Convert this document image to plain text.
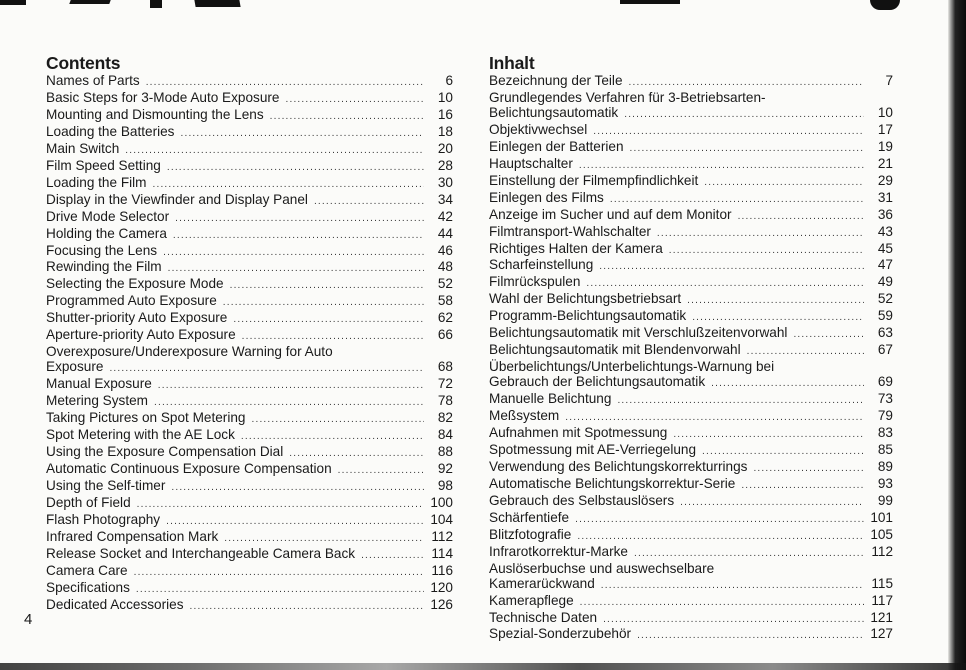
Contents
Names of Parts .....	6
Basic Steps for 3-Mode Auto Exposure .....	10
Mounting and Dismounting the Lens .....	16
Loading the Batteries .....	18
Main Switch .....	20
Film Speed Setting .....	28
Loading the Film .....	30
Display in the Viewfinder and Display Panel .....	34
Drive Mode Selector .....	42
Holding the Camera .....	44
Focusing the Lens .....	46
Rewinding the Film .....	48
Selecting the Exposure Mode .....	52
Programmed Auto Exposure .....	58
Shutter-priority Auto Exposure .....	62
Aperture-priority Auto Exposure .....	66
Overexposure/Underexposure Warning for Auto
Exposure .....	68
Manual Exposure .....	72
Metering System .....	78
Taking Pictures on Spot Metering .....	82
Spot Metering with the AE Lock .....	84
Using the Exposure Compensation Dial .....	88
Automatic Continuous Exposure Compensation .....	92
Using the Self-timer .....	98
Depth of Field .....	100
Flash Photography .....	104
Infrared Compensation Mark .....	112
Release Socket and Interchangeable Camera Back .....	114
Camera Care .....	116
Specifications .....	120
Dedicated Accessories .....	126
Inhalt
Bezeichnung der Teile .....	7
Grundlegendes Verfahren für 3-Betriebsarten-
Belichtungsautomatik .....	10
Objektivwechsel .....	17
Einlegen der Batterien .....	19
Hauptschalter .....	21
Einstellung der Filmempfindlichkeit .....	29
Einlegen des Films .....	31
Anzeige im Sucher und auf dem Monitor .....	36
Filmtransport-Wahlschalter .....	43
Richtiges Halten der Kamera .....	45
Scharfeinstellung .....	47
Filmrückspulen .....	49
Wahl der Belichtungsbetriebsart .....	52
Programm-Belichtungsautomatik .....	59
Belichtungsautomatik mit Verschlußzeitenvorwahl .....	63
Belichtungsautomatik mit Blendenvorwahl .....	67
Überbelichtungs/Unterbelichtungs-Warnung bei
Gebrauch der Belichtungsautomatik .....	69
Manuelle Belichtung .....	73
Meßsystem .....	79
Aufnahmen mit Spotmessung .....	83
Spotmessung mit AE-Verriegelung .....	85
Verwendung des Belichtungskorrekturrings .....	89
Automatische Belichtungskorrektur-Serie .....	93
Gebrauch des Selbstauslösers .....	99
Schärfentiefe .....	101
Blitzfotografie .....	105
Infrarotkorrektur-Marke .....	112
Auslöserbuchse und auswechselbare
Kamerarückwand .....	115
Kamerapflege .....	117
Technische Daten .....	121
Spezial-Sonderzubehör .....	127
4
